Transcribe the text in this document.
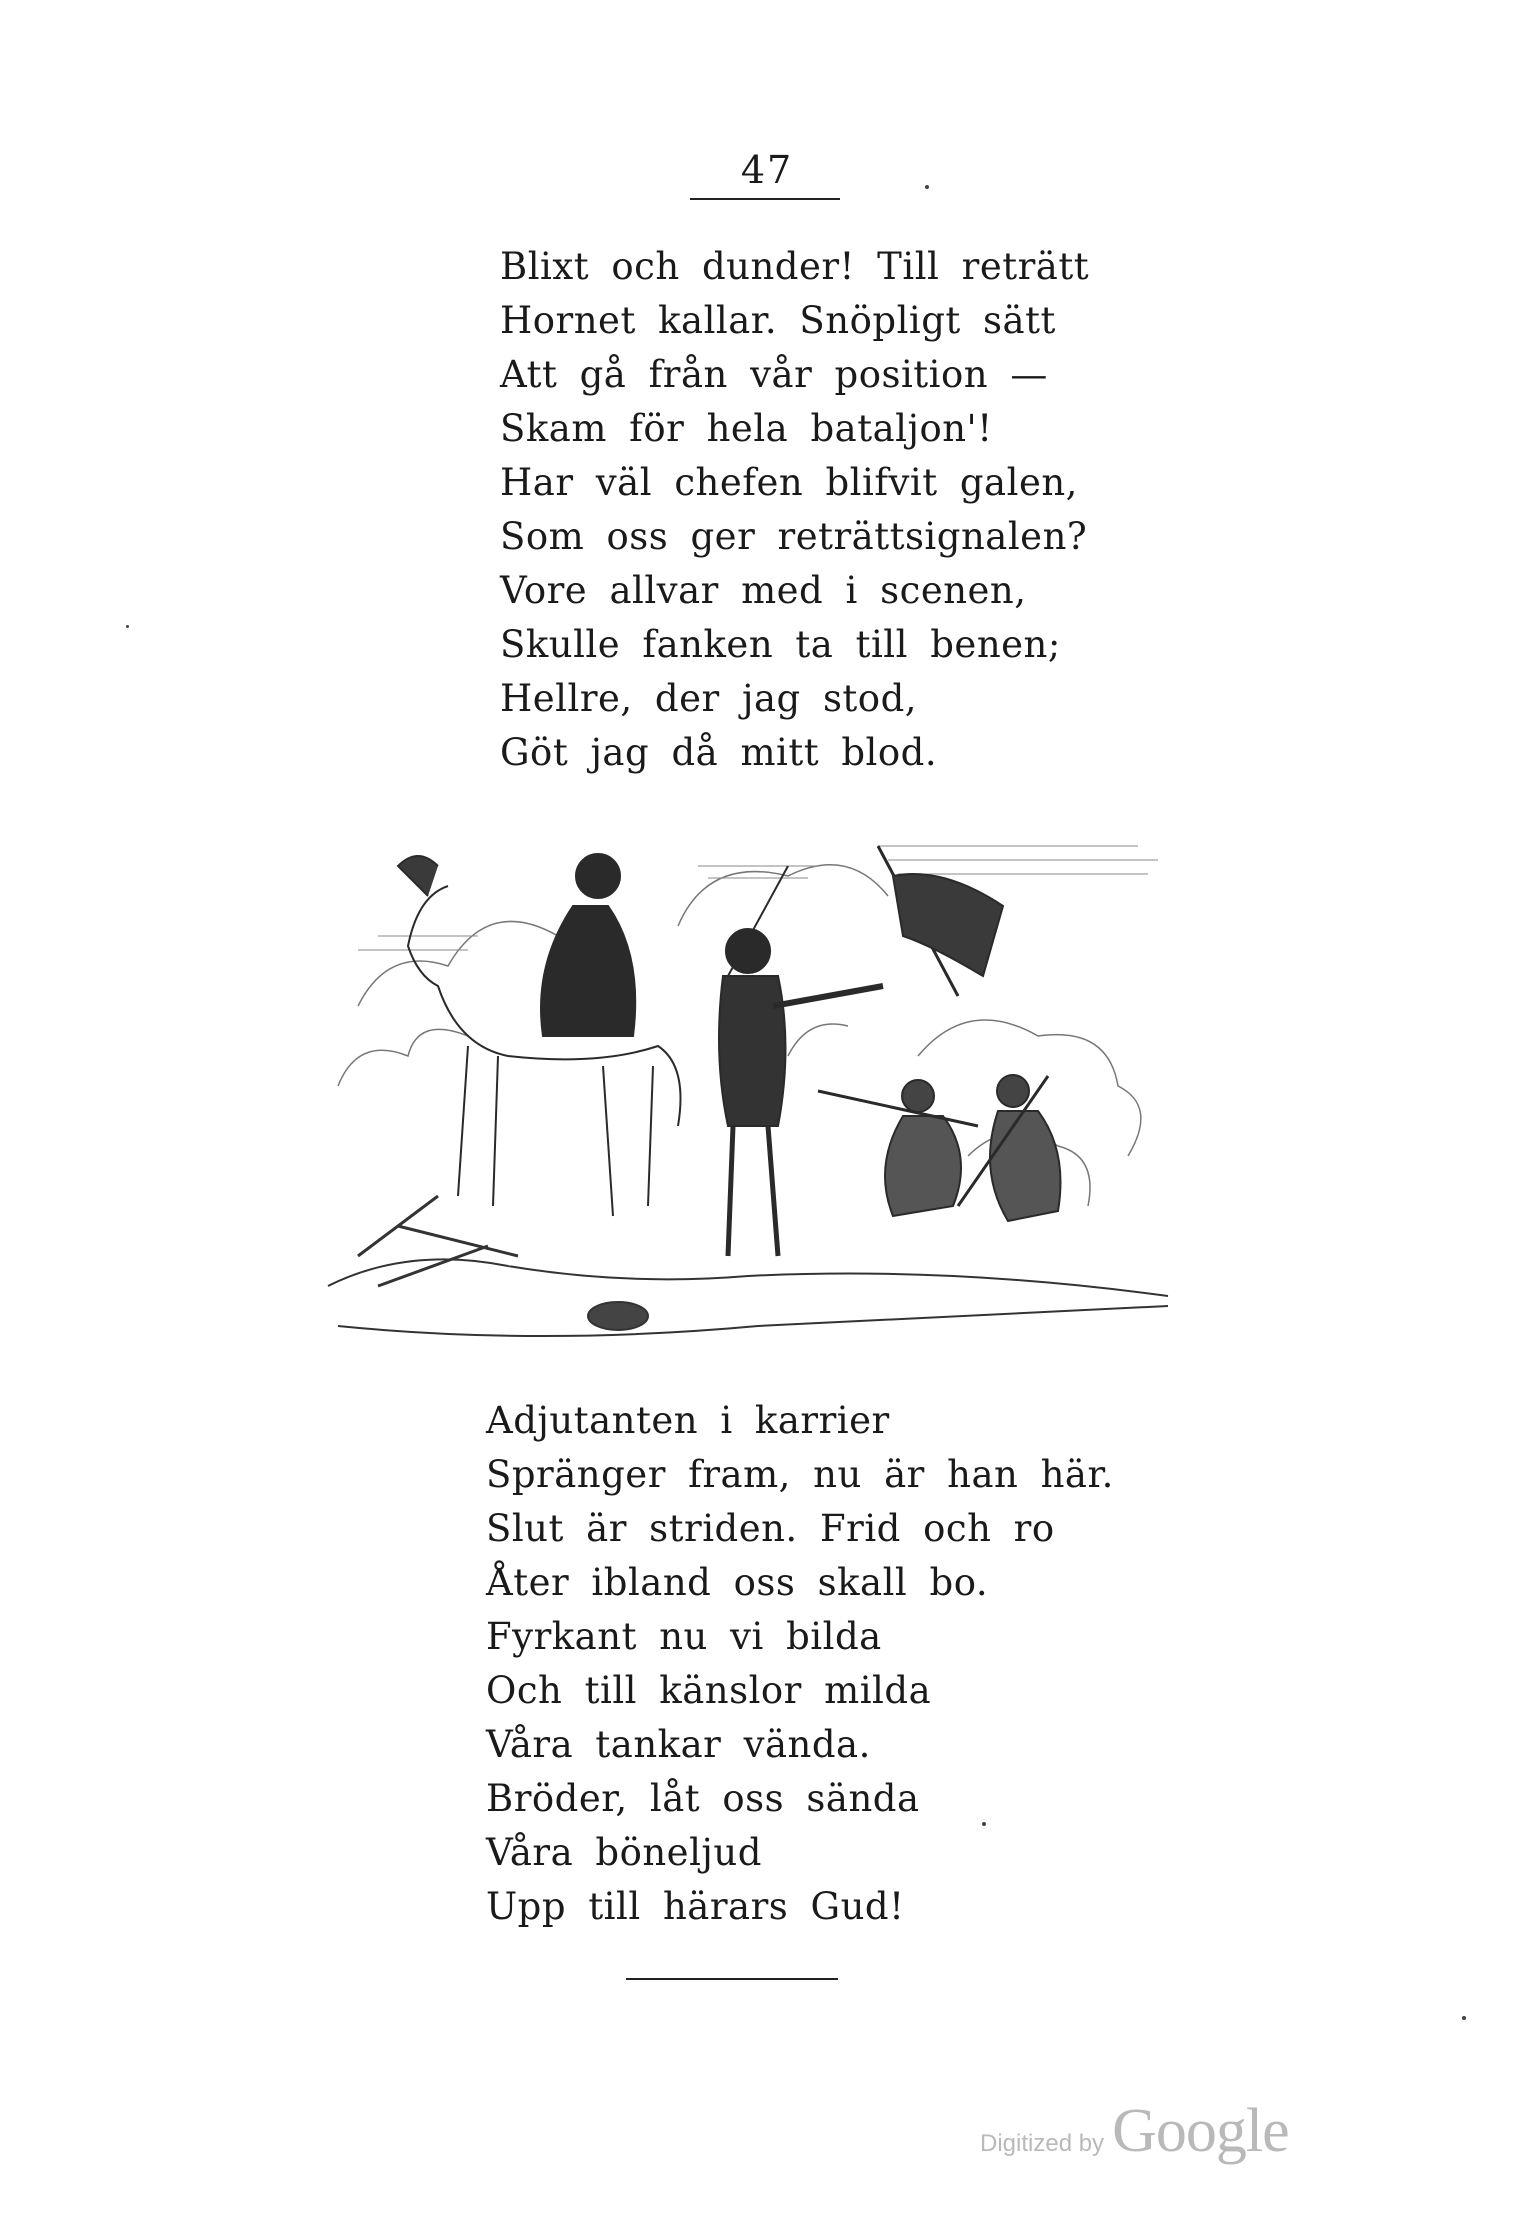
47
Blixt och dunder! Till reträtt
Hornet kallar. Snöpligt sätt
Att gå från vår position —
Skam för hela bataljon'!
Har väl chefen blifvit galen,
Som oss ger reträttsignalen?
Vore allvar med i scenen,
Skulle fanken ta till benen;
Hellre, der jag stod,
Göt jag då mitt blod.
Adjutanten i karrier
Spränger fram, nu är han här.
Slut är striden. Frid och ro
Åter ibland oss skall bo.
Fyrkant nu vi bilda
Och till känslor milda
Våra tankar vända.
Bröder, låt oss sända
Våra böneljud
Upp till härars Gud!
Digitized by Google
